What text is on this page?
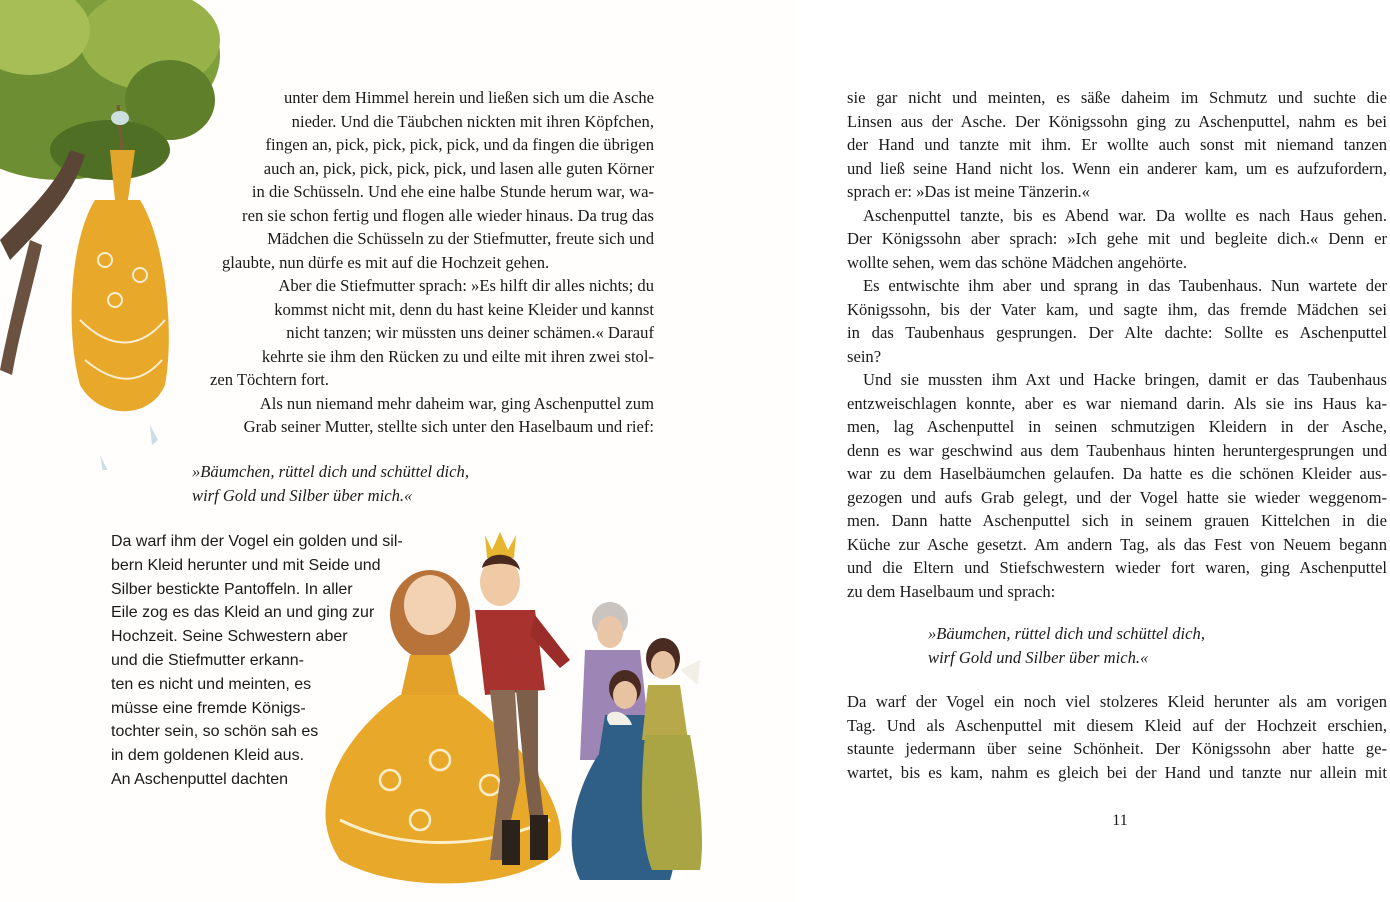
unter dem Himmel herein und ließen sich um die Asche
nieder. Und die Täubchen nickten mit ihren Köpfchen,
fingen an, pick, pick, pick, pick, und da fingen die übrigen
auch an, pick, pick, pick, pick, und lasen alle guten Körner
in die Schüsseln. Und ehe eine halbe Stunde herum war, wa-
ren sie schon fertig und flogen alle wieder hinaus. Da trug das
Mädchen die Schüsseln zu der Stiefmutter, freute sich und
glaubte, nun dürfe es mit auf die Hochzeit gehen.

Aber die Stiefmutter sprach: »Es hilft dir alles nichts; du
kommst nicht mit, denn du hast keine Kleider und kannst
nicht tanzen; wir müssten uns deiner schämen.« Darauf
kehrte sie ihm den Rücken zu und eilte mit ihren zwei stol-
zen Töchtern fort.

Als nun niemand mehr daheim war, ging Aschenputtel zum
Grab seiner Mutter, stellte sich unter den Haselbaum und rief:

»Bäumchen, rüttel dich und schüttel dich,
wirf Gold und Silber über mich.«
Da warf ihm der Vogel ein golden und sil-
bern Kleid herunter und mit Seide und
Silber bestickte Pantoffeln. In aller
Eile zog es das Kleid an und ging zur
Hochzeit. Seine Schwestern aber
und die Stiefmutter erkann-
ten es nicht und meinten, es
müsse eine fremde Königs-
tochter sein, so schön sah es
in dem goldenen Kleid aus.
An Aschenputtel dachten
sie gar nicht und meinten, es säße daheim im Schmutz und suchte die
Linsen aus der Asche. Der Königssohn ging zu Aschenputtel, nahm es bei
der Hand und tanzte mit ihm. Er wollte auch sonst mit niemand tanzen
und ließ seine Hand nicht los. Wenn ein anderer kam, um es aufzufordern,
sprach er: »Das ist meine Tänzerin.«
Aschenputtel tanzte, bis es Abend war. Da wollte es nach Haus gehen.
Der Königssohn aber sprach: »Ich gehe mit und begleite dich.« Denn er
wollte sehen, wem das schöne Mädchen angehörte.
Es entwischte ihm aber und sprang in das Taubenhaus. Nun wartete der
Königssohn, bis der Vater kam, und sagte ihm, das fremde Mädchen sei
in das Taubenhaus gesprungen. Der Alte dachte: Sollte es Aschenputtel
sein?
Und sie mussten ihm Axt und Hacke bringen, damit er das Taubenhaus
entzweischlagen konnte, aber es war niemand darin. Als sie ins Haus ka-
men, lag Aschenputtel in seinen schmutzigen Kleidern in der Asche,
denn es war geschwind aus dem Taubenhaus hinten heruntergesprungen und
war zu dem Haselbäumchen gelaufen. Da hatte es die schönen Kleider aus-
gezogen und aufs Grab gelegt, und der Vogel hatte sie wieder weggenom-
men. Dann hatte Aschenputtel sich in seinem grauen Kittelchen in die
Küche zur Asche gesetzt. Am andern Tag, als das Fest von Neuem begann
und die Eltern und Stiefschwestern wieder fort waren, ging Aschenputtel
zu dem Haselbaum und sprach:
»Bäumchen, rüttel dich und schüttel dich,
wirf Gold und Silber über mich.«
Da warf der Vogel ein noch viel stolzeres Kleid herunter als am vorigen
Tag. Und als Aschenputtel mit diesem Kleid auf der Hochzeit erschien,
staunte jedermann über seine Schönheit. Der Königssohn aber hatte ge-
wartet, bis es kam, nahm es gleich bei der Hand und tanzte nur allein mit
11
